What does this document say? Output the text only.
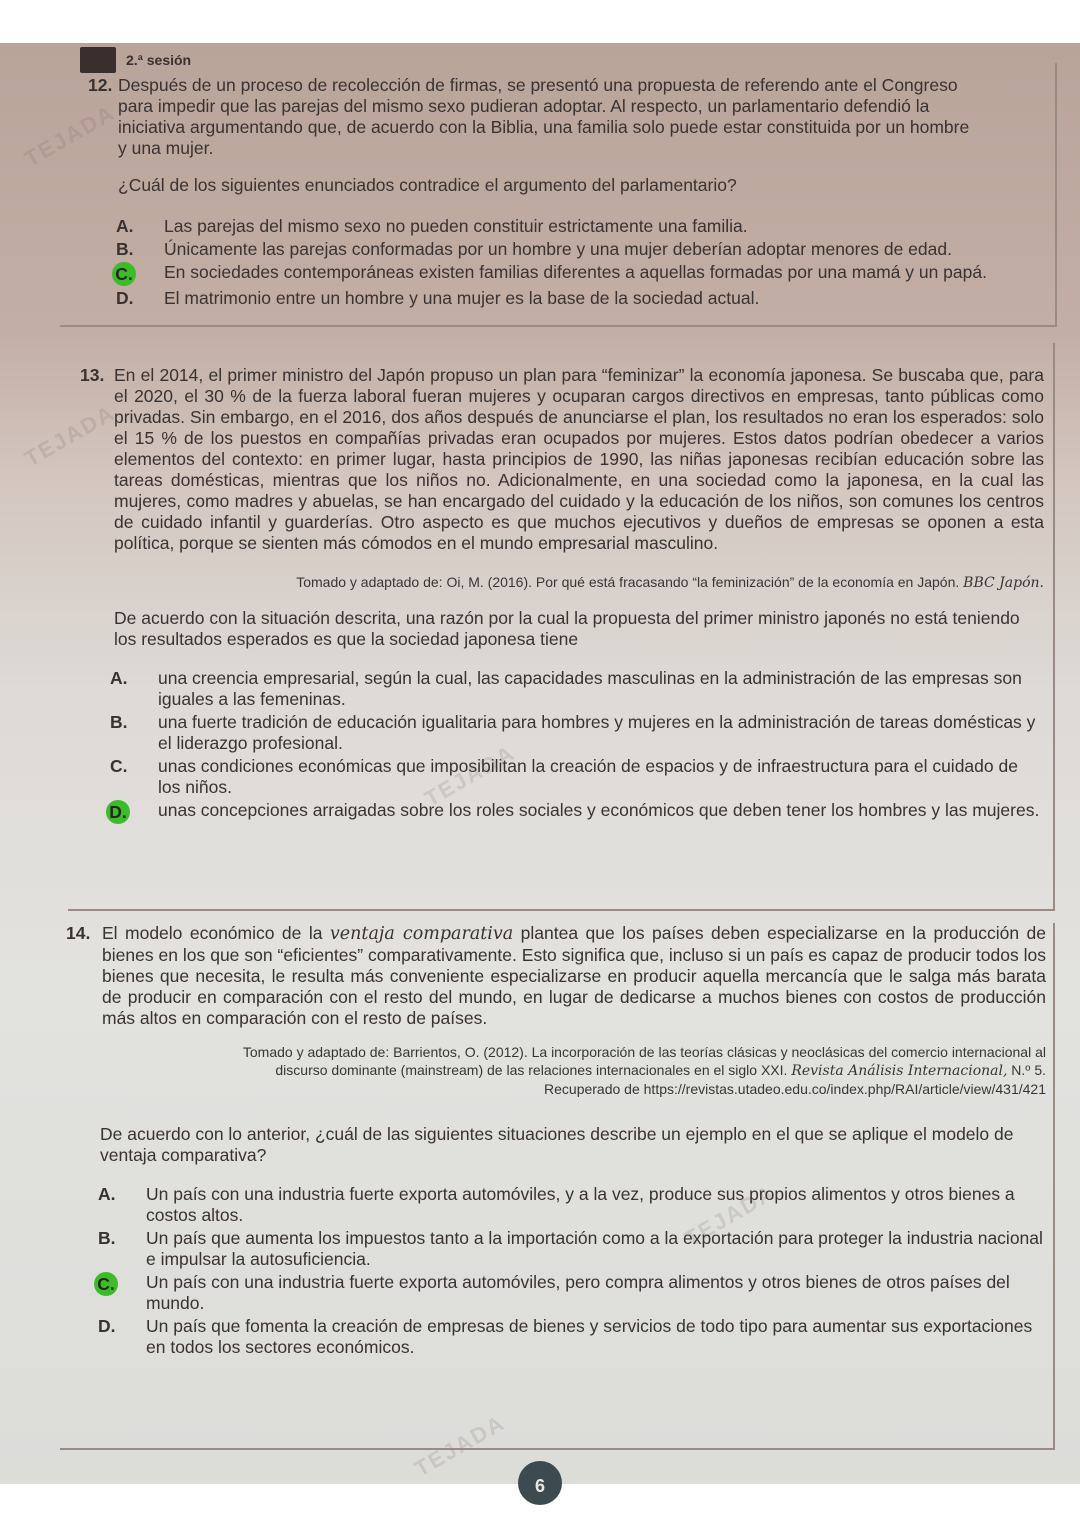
TEJADA
TEJADA
TEJADA
TEJADA
TEJADA
2.ª sesión
12. Después de un proceso de recolección de firmas, se presentó una propuesta de referendo ante el Congreso
para impedir que las parejas del mismo sexo pudieran adoptar. Al respecto, un parlamentario defendió la
iniciativa argumentando que, de acuerdo con la Biblia, una familia solo puede estar constituida por un hombre
y una mujer.
¿Cuál de los siguientes enunciados contradice el argumento del parlamentario?
A.	Las parejas del mismo sexo no pueden constituir estrictamente una familia.
B.	Únicamente las parejas conformadas por un hombre y una mujer deberían adoptar menores de edad.
C.	En sociedades contemporáneas existen familias diferentes a aquellas formadas por una mamá y un papá.
D.	El matrimonio entre un hombre y una mujer es la base de la sociedad actual.
13. En el 2014, el primer ministro del Japón propuso un plan para “feminizar” la economía japonesa. Se buscaba que, para el 2020, el 30 % de la fuerza laboral fueran mujeres y ocuparan cargos directivos en empresas, tanto públicas como privadas. Sin embargo, en el 2016, dos años después de anunciarse el plan, los resultados no eran los esperados: solo el 15 % de los puestos en compañías privadas eran ocupados por mujeres. Estos datos podrían obedecer a varios elementos del contexto: en primer lugar, hasta principios de 1990, las niñas japonesas recibían educación sobre las tareas domésticas, mientras que los niños no. Adicionalmente, en una sociedad como la japonesa, en la cual las mujeres, como madres y abuelas, se han encargado del cuidado y la educación de los niños, son comunes los centros de cuidado infantil y guarderías. Otro aspecto es que muchos ejecutivos y dueños de empresas se oponen a esta política, porque se sienten más cómodos en el mundo empresarial masculino.
Tomado y adaptado de: Oi, M. (2016). Por qué está fracasando “la feminización” de la economía en Japón. BBC Japón.
De acuerdo con la situación descrita, una razón por la cual la propuesta del primer ministro japonés no está teniendo los resultados esperados es que la sociedad japonesa tiene
A.	una creencia empresarial, según la cual, las capacidades masculinas en la administración de las empresas son iguales a las femeninas.
B.	una fuerte tradición de educación igualitaria para hombres y mujeres en la administración de tareas domésticas y el liderazgo profesional.
C.	unas condiciones económicas que imposibilitan la creación de espacios y de infraestructura para el cuidado de los niños.
D.	unas concepciones arraigadas sobre los roles sociales y económicos que deben tener los hombres y las mujeres.
14. El modelo económico de la ventaja comparativa plantea que los países deben especializarse en la producción de bienes en los que son “eficientes” comparativamente. Esto significa que, incluso si un país es capaz de producir todos los bienes que necesita, le resulta más conveniente especializarse en producir aquella mercancía que le salga más barata de producir en comparación con el resto del mundo, en lugar de dedicarse a muchos bienes con costos de producción más altos en comparación con el resto de países.
Tomado y adaptado de: Barrientos, O. (2012). La incorporación de las teorías clásicas y neoclásicas del comercio internacional al
discurso dominante (mainstream) de las relaciones internacionales en el siglo XXI. Revista Análisis Internacional, N.º 5.
Recuperado de https://revistas.utadeo.edu.co/index.php/RAI/article/view/431/421
De acuerdo con lo anterior, ¿cuál de las siguientes situaciones describe un ejemplo en el que se aplique el modelo de ventaja comparativa?
A.	Un país con una industria fuerte exporta automóviles, y a la vez, produce sus propios alimentos y otros bienes a costos altos.
B.	Un país que aumenta los impuestos tanto a la importación como a la exportación para proteger la industria nacional e impulsar la autosuficiencia.
C.	Un país con una industria fuerte exporta automóviles, pero compra alimentos y otros bienes de otros países del mundo.
D.	Un país que fomenta la creación de empresas de bienes y servicios de todo tipo para aumentar sus exportaciones en todos los sectores económicos.
6
